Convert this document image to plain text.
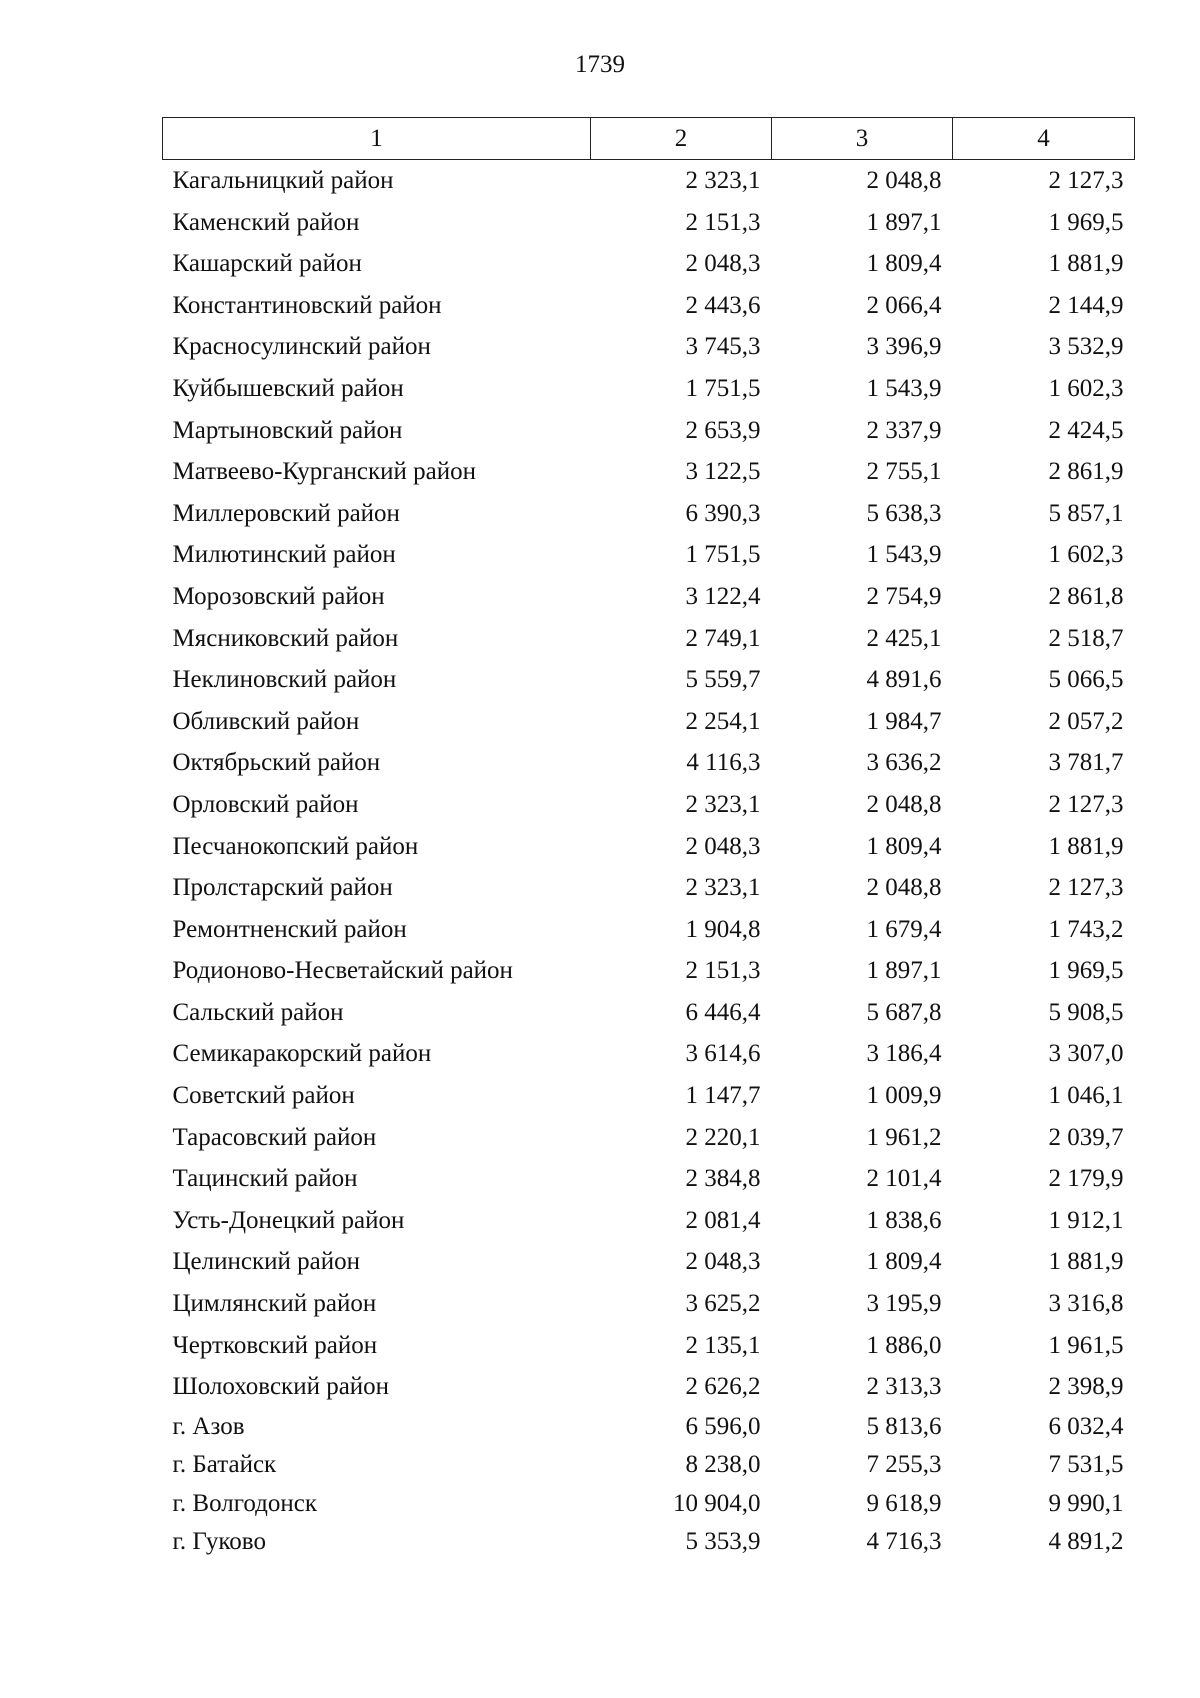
1739
1	2	3	4
Кагальницкий район	2 323,1	2 048,8	2 127,3
Каменский район	2 151,3	1 897,1	1 969,5
Кашарский район	2 048,3	1 809,4	1 881,9
Константиновский район	2 443,6	2 066,4	2 144,9
Красносулинский район	3 745,3	3 396,9	3 532,9
Куйбышевский район	1 751,5	1 543,9	1 602,3
Мартыновский район	2 653,9	2 337,9	2 424,5
Матвеево-Курганский район	3 122,5	2 755,1	2 861,9
Миллеровский район	6 390,3	5 638,3	5 857,1
Милютинский район	1 751,5	1 543,9	1 602,3
Морозовский район	3 122,4	2 754,9	2 861,8
Мясниковский район	2 749,1	2 425,1	2 518,7
Неклиновский район	5 559,7	4 891,6	5 066,5
Обливский район	2 254,1	1 984,7	2 057,2
Октябрьский район	4 116,3	3 636,2	3 781,7
Орловский район	2 323,1	2 048,8	2 127,3
Песчанокопский район	2 048,3	1 809,4	1 881,9
Пролстарский район	2 323,1	2 048,8	2 127,3
Ремонтненский район	1 904,8	1 679,4	1 743,2
Родионово-Несветайский район	2 151,3	1 897,1	1 969,5
Сальский район	6 446,4	5 687,8	5 908,5
Семикаракорский район	3 614,6	3 186,4	3 307,0
Советский район	1 147,7	1 009,9	1 046,1
Тарасовский район	2 220,1	1 961,2	2 039,7
Тацинский район	2 384,8	2 101,4	2 179,9
Усть-Донецкий район	2 081,4	1 838,6	1 912,1
Целинский район	2 048,3	1 809,4	1 881,9
Цимлянский район	3 625,2	3 195,9	3 316,8
Чертковский район	2 135,1	1 886,0	1 961,5
Шолоховский район	2 626,2	2 313,3	2 398,9
г. Азов	6 596,0	5 813,6	6 032,4
г. Батайск	8 238,0	7 255,3	7 531,5
г. Волгодонск	10 904,0	9 618,9	9 990,1
г. Гуково	5 353,9	4 716,3	4 891,2
